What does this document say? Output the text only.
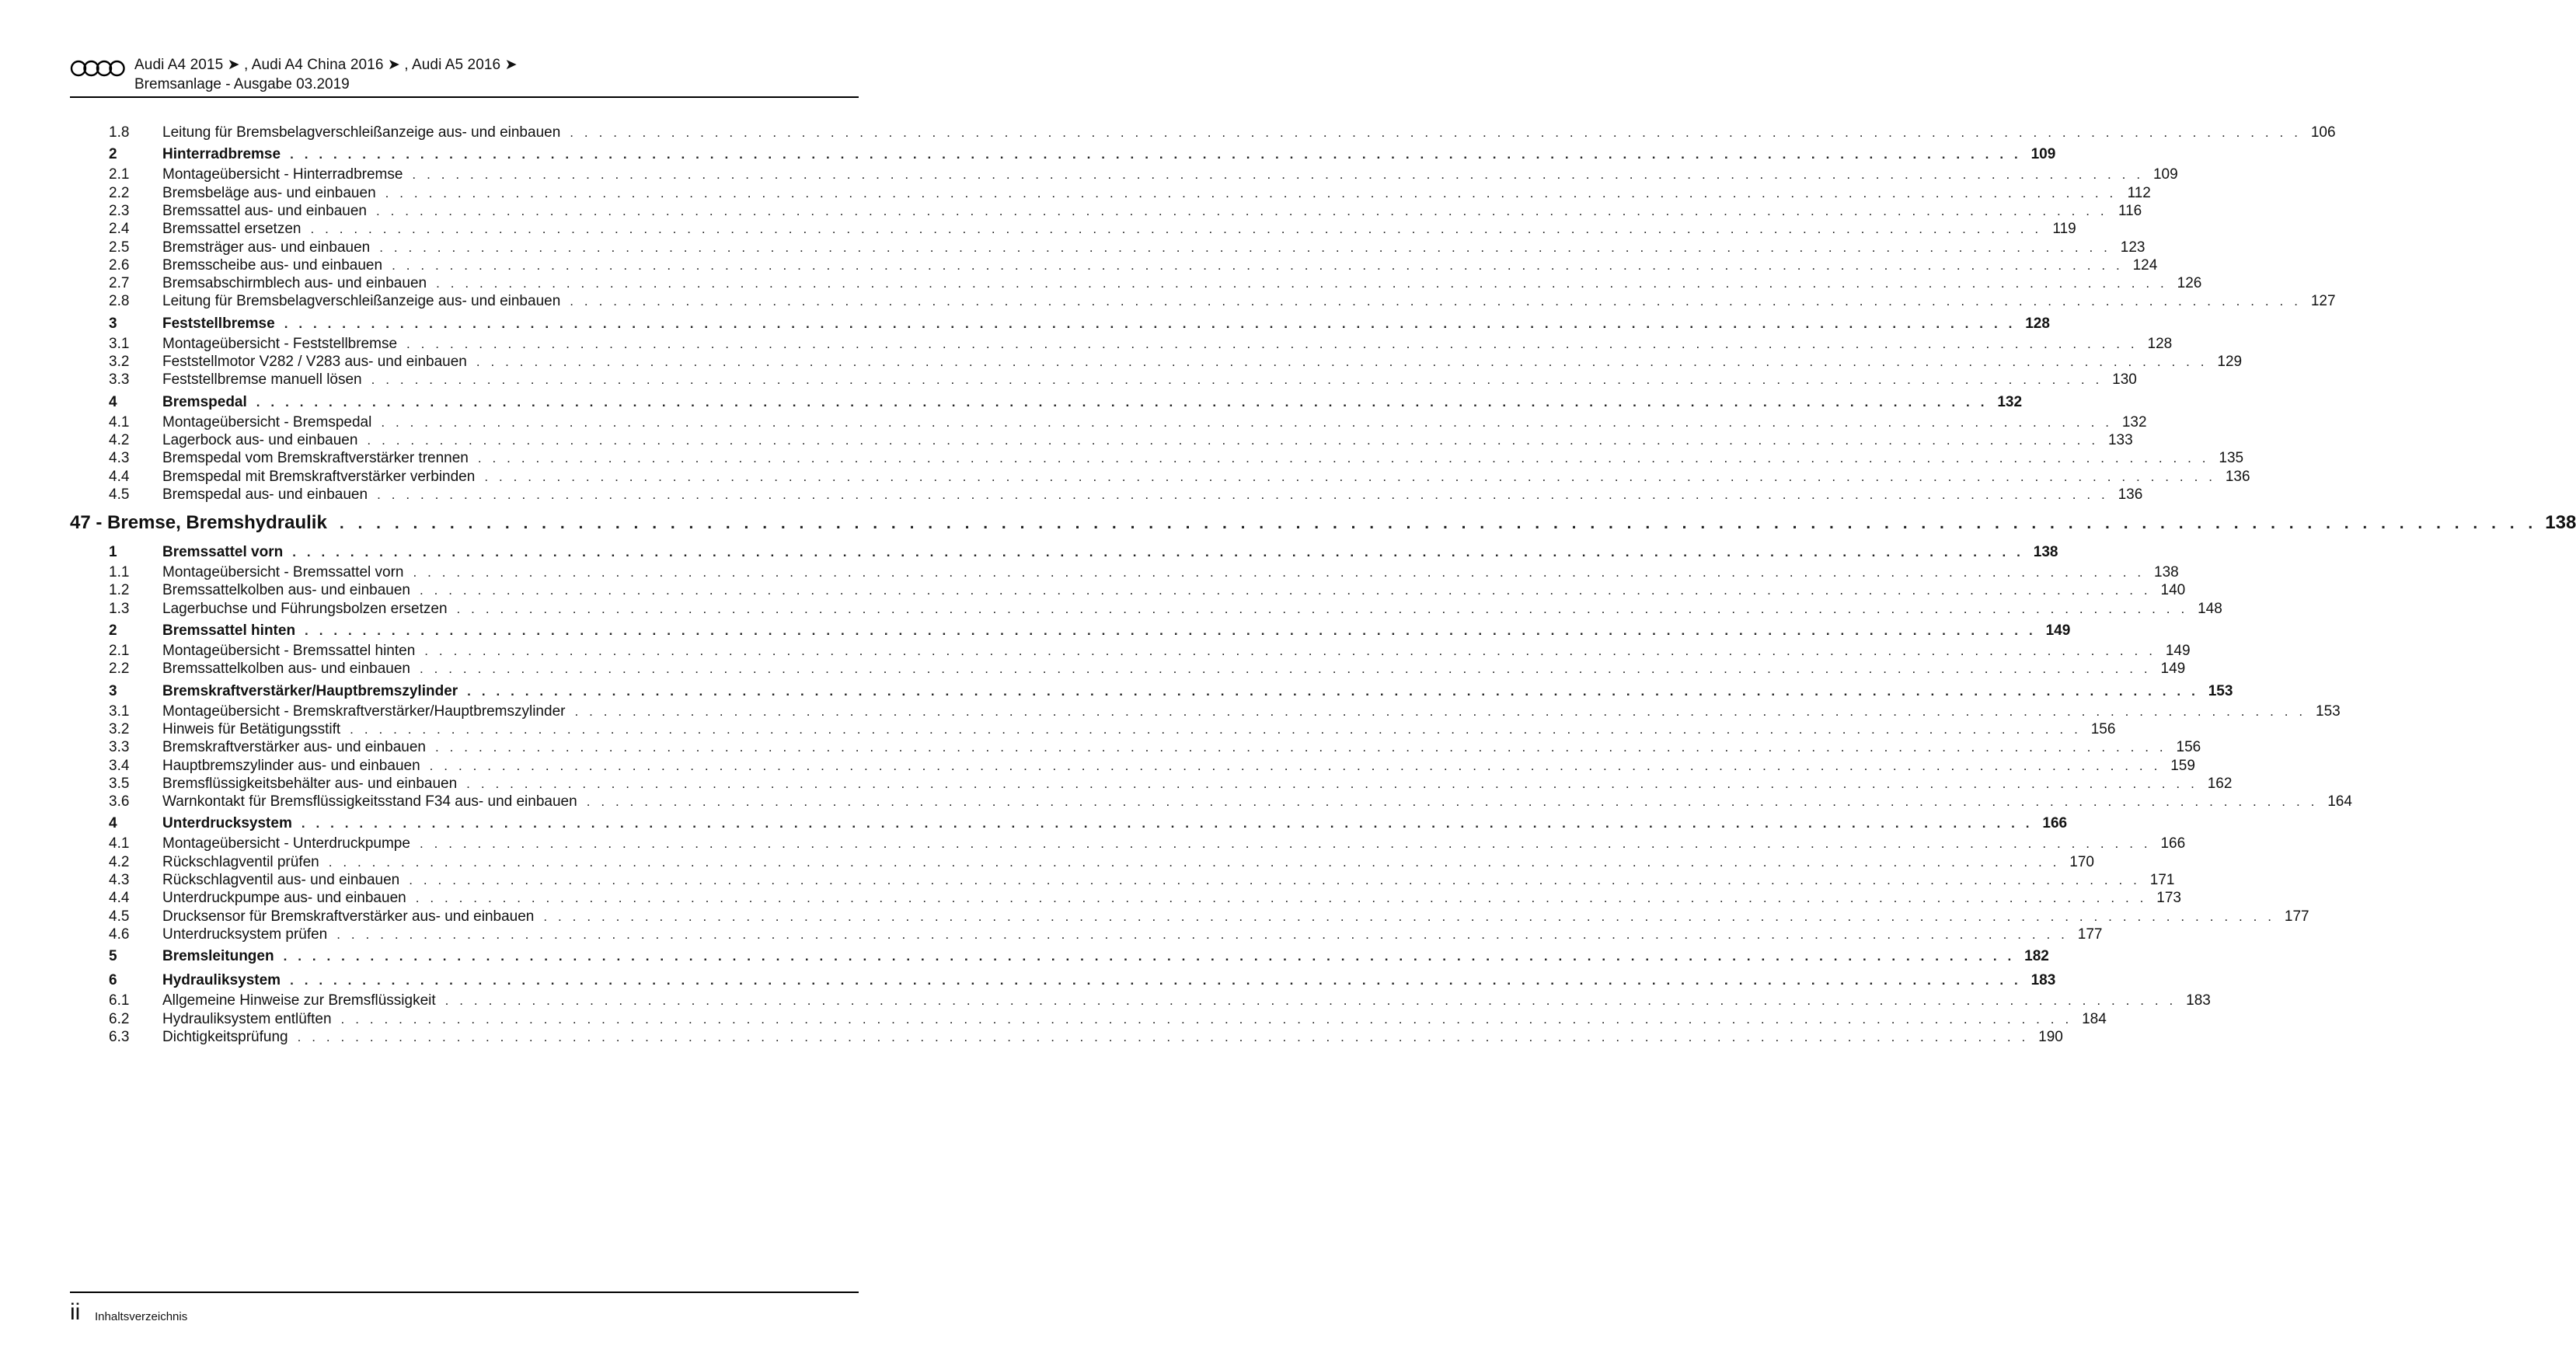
Audi A4 2015 ➤ , Audi A4 China 2016 ➤ , Audi A5 2016 ➤
Bremsanlage - Ausgabe 03.2019
1.8	Leitung für Bremsbelagverschleißanzeige aus- und einbauen . . . . . . . . . . . . . . . . . . . . . . . . . . . . . . . . . . . . . . . . . . . . . . . . . . . . . . . . . . . . . . . . . . . . . . . . . . . . . . . . . . . . . . . . . . . . . . . . . . . . . . . . . . . . . . . . . . . . . . . . 106
2	Hinterradbremse . . . . . . . . . . . . . . . . . . . . . . . . . . . . . . . . . . . . . . . . . . . . . . . . . . . . . . . . . . . . . . . . . . . . . . . . . . . . . . . . . . . . . . . . . . . . . . . . . . . . . . . . . . . . . . . . . . . . . . . . 109
2.1	Montageübersicht - Hinterradbremse . . . . . . . . . . . . . . . . . . . . . . . . . . . . . . . . . . . . . . . . . . . . . . . . . . . . . . . . . . . . . . . . . . . . . . . . . . . . . . . . . . . . . . . . . . . . . . . . . . . . . . . . . . . . . . . . . . . . . . . . 109
2.2	Bremsbeläge aus- und einbauen . . . . . . . . . . . . . . . . . . . . . . . . . . . . . . . . . . . . . . . . . . . . . . . . . . . . . . . . . . . . . . . . . . . . . . . . . . . . . . . . . . . . . . . . . . . . . . . . . . . . . . . . . . . . . . . . . . . . . . . . 112
2.3	Bremssattel aus- und einbauen . . . . . . . . . . . . . . . . . . . . . . . . . . . . . . . . . . . . . . . . . . . . . . . . . . . . . . . . . . . . . . . . . . . . . . . . . . . . . . . . . . . . . . . . . . . . . . . . . . . . . . . . . . . . . . . . . . . . . . . . 116
2.4	Bremssattel ersetzen . . . . . . . . . . . . . . . . . . . . . . . . . . . . . . . . . . . . . . . . . . . . . . . . . . . . . . . . . . . . . . . . . . . . . . . . . . . . . . . . . . . . . . . . . . . . . . . . . . . . . . . . . . . . . . . . . . . . . . . . 119
2.5	Bremsträger aus- und einbauen . . . . . . . . . . . . . . . . . . . . . . . . . . . . . . . . . . . . . . . . . . . . . . . . . . . . . . . . . . . . . . . . . . . . . . . . . . . . . . . . . . . . . . . . . . . . . . . . . . . . . . . . . . . . . . . . . . . . . . . . 123
2.6	Bremsscheibe aus- und einbauen . . . . . . . . . . . . . . . . . . . . . . . . . . . . . . . . . . . . . . . . . . . . . . . . . . . . . . . . . . . . . . . . . . . . . . . . . . . . . . . . . . . . . . . . . . . . . . . . . . . . . . . . . . . . . . . . . . . . . . . . 124
2.7	Bremsabschirmblech aus- und einbauen . . . . . . . . . . . . . . . . . . . . . . . . . . . . . . . . . . . . . . . . . . . . . . . . . . . . . . . . . . . . . . . . . . . . . . . . . . . . . . . . . . . . . . . . . . . . . . . . . . . . . . . . . . . . . . . . . . . . . . . . 126
2.8	Leitung für Bremsbelagverschleißanzeige aus- und einbauen . . . . . . . . . . . . . . . . . . . . . . . . . . . . . . . . . . . . . . . . . . . . . . . . . . . . . . . . . . . . . . . . . . . . . . . . . . . . . . . . . . . . . . . . . . . . . . . . . . . . . . . . . . . . . . . . . . . . . . . . 127
3	Feststellbremse . . . . . . . . . . . . . . . . . . . . . . . . . . . . . . . . . . . . . . . . . . . . . . . . . . . . . . . . . . . . . . . . . . . . . . . . . . . . . . . . . . . . . . . . . . . . . . . . . . . . . . . . . . . . . . . . . . . . . . . . 128
3.1	Montageübersicht - Feststellbremse . . . . . . . . . . . . . . . . . . . . . . . . . . . . . . . . . . . . . . . . . . . . . . . . . . . . . . . . . . . . . . . . . . . . . . . . . . . . . . . . . . . . . . . . . . . . . . . . . . . . . . . . . . . . . . . . . . . . . . . . 128
3.2	Feststellmotor V282 / V283 aus- und einbauen . . . . . . . . . . . . . . . . . . . . . . . . . . . . . . . . . . . . . . . . . . . . . . . . . . . . . . . . . . . . . . . . . . . . . . . . . . . . . . . . . . . . . . . . . . . . . . . . . . . . . . . . . . . . . . . . . . . . . . . . 129
3.3	Feststellbremse manuell lösen . . . . . . . . . . . . . . . . . . . . . . . . . . . . . . . . . . . . . . . . . . . . . . . . . . . . . . . . . . . . . . . . . . . . . . . . . . . . . . . . . . . . . . . . . . . . . . . . . . . . . . . . . . . . . . . . . . . . . . . . 130
4	Bremspedal . . . . . . . . . . . . . . . . . . . . . . . . . . . . . . . . . . . . . . . . . . . . . . . . . . . . . . . . . . . . . . . . . . . . . . . . . . . . . . . . . . . . . . . . . . . . . . . . . . . . . . . . . . . . . . . . . . . . . . . . 132
4.1	Montageübersicht - Bremspedal . . . . . . . . . . . . . . . . . . . . . . . . . . . . . . . . . . . . . . . . . . . . . . . . . . . . . . . . . . . . . . . . . . . . . . . . . . . . . . . . . . . . . . . . . . . . . . . . . . . . . . . . . . . . . . . . . . . . . . . . 132
4.2	Lagerbock aus- und einbauen . . . . . . . . . . . . . . . . . . . . . . . . . . . . . . . . . . . . . . . . . . . . . . . . . . . . . . . . . . . . . . . . . . . . . . . . . . . . . . . . . . . . . . . . . . . . . . . . . . . . . . . . . . . . . . . . . . . . . . . . 133
4.3	Bremspedal vom Bremskraftverstärker trennen . . . . . . . . . . . . . . . . . . . . . . . . . . . . . . . . . . . . . . . . . . . . . . . . . . . . . . . . . . . . . . . . . . . . . . . . . . . . . . . . . . . . . . . . . . . . . . . . . . . . . . . . . . . . . . . . . . . . . . . . 135
4.4	Bremspedal mit Bremskraftverstärker verbinden . . . . . . . . . . . . . . . . . . . . . . . . . . . . . . . . . . . . . . . . . . . . . . . . . . . . . . . . . . . . . . . . . . . . . . . . . . . . . . . . . . . . . . . . . . . . . . . . . . . . . . . . . . . . . . . . . . . . . . . . 136
4.5	Bremspedal aus- und einbauen . . . . . . . . . . . . . . . . . . . . . . . . . . . . . . . . . . . . . . . . . . . . . . . . . . . . . . . . . . . . . . . . . . . . . . . . . . . . . . . . . . . . . . . . . . . . . . . . . . . . . . . . . . . . . . . . . . . . . . . . 136
47 - Bremse, Bremshydraulik . . . . . . . . . . . . . . . . . . . . . . . . . . . . . . . . . . . . . . . . . . . . . . . . . . . . . . . . . . . . . . . . . . . . . . . . . . . . . . . . . . . . . . . . . . . . . . . . . . . . . . . . . . . . . . . . . . . . . . . . 138
1	Bremssattel vorn . . . . . . . . . . . . . . . . . . . . . . . . . . . . . . . . . . . . . . . . . . . . . . . . . . . . . . . . . . . . . . . . . . . . . . . . . . . . . . . . . . . . . . . . . . . . . . . . . . . . . . . . . . . . . . . . . . . . . . . . 138
1.1	Montageübersicht - Bremssattel vorn . . . . . . . . . . . . . . . . . . . . . . . . . . . . . . . . . . . . . . . . . . . . . . . . . . . . . . . . . . . . . . . . . . . . . . . . . . . . . . . . . . . . . . . . . . . . . . . . . . . . . . . . . . . . . . . . . . . . . . . . 138
1.2	Bremssattelkolben aus- und einbauen . . . . . . . . . . . . . . . . . . . . . . . . . . . . . . . . . . . . . . . . . . . . . . . . . . . . . . . . . . . . . . . . . . . . . . . . . . . . . . . . . . . . . . . . . . . . . . . . . . . . . . . . . . . . . . . . . . . . . . . . 140
1.3	Lagerbuchse und Führungsbolzen ersetzen . . . . . . . . . . . . . . . . . . . . . . . . . . . . . . . . . . . . . . . . . . . . . . . . . . . . . . . . . . . . . . . . . . . . . . . . . . . . . . . . . . . . . . . . . . . . . . . . . . . . . . . . . . . . . . . . . . . . . . . . 148
2	Bremssattel hinten . . . . . . . . . . . . . . . . . . . . . . . . . . . . . . . . . . . . . . . . . . . . . . . . . . . . . . . . . . . . . . . . . . . . . . . . . . . . . . . . . . . . . . . . . . . . . . . . . . . . . . . . . . . . . . . . . . . . . . . . 149
2.1	Montageübersicht - Bremssattel hinten . . . . . . . . . . . . . . . . . . . . . . . . . . . . . . . . . . . . . . . . . . . . . . . . . . . . . . . . . . . . . . . . . . . . . . . . . . . . . . . . . . . . . . . . . . . . . . . . . . . . . . . . . . . . . . . . . . . . . . . . 149
2.2	Bremssattelkolben aus- und einbauen . . . . . . . . . . . . . . . . . . . . . . . . . . . . . . . . . . . . . . . . . . . . . . . . . . . . . . . . . . . . . . . . . . . . . . . . . . . . . . . . . . . . . . . . . . . . . . . . . . . . . . . . . . . . . . . . . . . . . . . . 149
3	Bremskraftverstärker/Hauptbremszylinder . . . . . . . . . . . . . . . . . . . . . . . . . . . . . . . . . . . . . . . . . . . . . . . . . . . . . . . . . . . . . . . . . . . . . . . . . . . . . . . . . . . . . . . . . . . . . . . . . . . . . . . . . . . . . . . . . . . . . . . . 153
3.1	Montageübersicht - Bremskraftverstärker/Hauptbremszylinder . . . . . . . . . . . . . . . . . . . . . . . . . . . . . . . . . . . . . . . . . . . . . . . . . . . . . . . . . . . . . . . . . . . . . . . . . . . . . . . . . . . . . . . . . . . . . . . . . . . . . . . . . . . . . . . . . . . . . . . . 153
3.2	Hinweis für Betätigungsstift . . . . . . . . . . . . . . . . . . . . . . . . . . . . . . . . . . . . . . . . . . . . . . . . . . . . . . . . . . . . . . . . . . . . . . . . . . . . . . . . . . . . . . . . . . . . . . . . . . . . . . . . . . . . . . . . . . . . . . . . 156
3.3	Bremskraftverstärker aus- und einbauen . . . . . . . . . . . . . . . . . . . . . . . . . . . . . . . . . . . . . . . . . . . . . . . . . . . . . . . . . . . . . . . . . . . . . . . . . . . . . . . . . . . . . . . . . . . . . . . . . . . . . . . . . . . . . . . . . . . . . . . . 156
3.4	Hauptbremszylinder aus- und einbauen . . . . . . . . . . . . . . . . . . . . . . . . . . . . . . . . . . . . . . . . . . . . . . . . . . . . . . . . . . . . . . . . . . . . . . . . . . . . . . . . . . . . . . . . . . . . . . . . . . . . . . . . . . . . . . . . . . . . . . . . 159
3.5	Bremsflüssigkeitsbehälter aus- und einbauen . . . . . . . . . . . . . . . . . . . . . . . . . . . . . . . . . . . . . . . . . . . . . . . . . . . . . . . . . . . . . . . . . . . . . . . . . . . . . . . . . . . . . . . . . . . . . . . . . . . . . . . . . . . . . . . . . . . . . . . . 162
3.6	Warnkontakt für Bremsflüssigkeitsstand F34 aus- und einbauen . . . . . . . . . . . . . . . . . . . . . . . . . . . . . . . . . . . . . . . . . . . . . . . . . . . . . . . . . . . . . . . . . . . . . . . . . . . . . . . . . . . . . . . . . . . . . . . . . . . . . . . . . . . . . . . . . . . . . . . . 164
4	Unterdrucksystem . . . . . . . . . . . . . . . . . . . . . . . . . . . . . . . . . . . . . . . . . . . . . . . . . . . . . . . . . . . . . . . . . . . . . . . . . . . . . . . . . . . . . . . . . . . . . . . . . . . . . . . . . . . . . . . . . . . . . . . . 166
4.1	Montageübersicht - Unterdruckpumpe . . . . . . . . . . . . . . . . . . . . . . . . . . . . . . . . . . . . . . . . . . . . . . . . . . . . . . . . . . . . . . . . . . . . . . . . . . . . . . . . . . . . . . . . . . . . . . . . . . . . . . . . . . . . . . . . . . . . . . . . 166
4.2	Rückschlagventil prüfen . . . . . . . . . . . . . . . . . . . . . . . . . . . . . . . . . . . . . . . . . . . . . . . . . . . . . . . . . . . . . . . . . . . . . . . . . . . . . . . . . . . . . . . . . . . . . . . . . . . . . . . . . . . . . . . . . . . . . . . . 170
4.3	Rückschlagventil aus- und einbauen . . . . . . . . . . . . . . . . . . . . . . . . . . . . . . . . . . . . . . . . . . . . . . . . . . . . . . . . . . . . . . . . . . . . . . . . . . . . . . . . . . . . . . . . . . . . . . . . . . . . . . . . . . . . . . . . . . . . . . . . 171
4.4	Unterdruckpumpe aus- und einbauen . . . . . . . . . . . . . . . . . . . . . . . . . . . . . . . . . . . . . . . . . . . . . . . . . . . . . . . . . . . . . . . . . . . . . . . . . . . . . . . . . . . . . . . . . . . . . . . . . . . . . . . . . . . . . . . . . . . . . . . . 173
4.5	Drucksensor für Bremskraftverstärker aus- und einbauen . . . . . . . . . . . . . . . . . . . . . . . . . . . . . . . . . . . . . . . . . . . . . . . . . . . . . . . . . . . . . . . . . . . . . . . . . . . . . . . . . . . . . . . . . . . . . . . . . . . . . . . . . . . . . . . . . . . . . . . . 177
4.6	Unterdrucksystem prüfen . . . . . . . . . . . . . . . . . . . . . . . . . . . . . . . . . . . . . . . . . . . . . . . . . . . . . . . . . . . . . . . . . . . . . . . . . . . . . . . . . . . . . . . . . . . . . . . . . . . . . . . . . . . . . . . . . . . . . . . . 177
5	Bremsleitungen . . . . . . . . . . . . . . . . . . . . . . . . . . . . . . . . . . . . . . . . . . . . . . . . . . . . . . . . . . . . . . . . . . . . . . . . . . . . . . . . . . . . . . . . . . . . . . . . . . . . . . . . . . . . . . . . . . . . . . . . 182
6	Hydrauliksystem . . . . . . . . . . . . . . . . . . . . . . . . . . . . . . . . . . . . . . . . . . . . . . . . . . . . . . . . . . . . . . . . . . . . . . . . . . . . . . . . . . . . . . . . . . . . . . . . . . . . . . . . . . . . . . . . . . . . . . . . 183
6.1	Allgemeine Hinweise zur Bremsflüssigkeit . . . . . . . . . . . . . . . . . . . . . . . . . . . . . . . . . . . . . . . . . . . . . . . . . . . . . . . . . . . . . . . . . . . . . . . . . . . . . . . . . . . . . . . . . . . . . . . . . . . . . . . . . . . . . . . . . . . . . . . . 183
6.2	Hydrauliksystem entlüften . . . . . . . . . . . . . . . . . . . . . . . . . . . . . . . . . . . . . . . . . . . . . . . . . . . . . . . . . . . . . . . . . . . . . . . . . . . . . . . . . . . . . . . . . . . . . . . . . . . . . . . . . . . . . . . . . . . . . . . . 184
6.3	Dichtigkeitsprüfung . . . . . . . . . . . . . . . . . . . . . . . . . . . . . . . . . . . . . . . . . . . . . . . . . . . . . . . . . . . . . . . . . . . . . . . . . . . . . . . . . . . . . . . . . . . . . . . . . . . . . . . . . . . . . . . . . . . . . . . . 190
ii Inhaltsverzeichnis
